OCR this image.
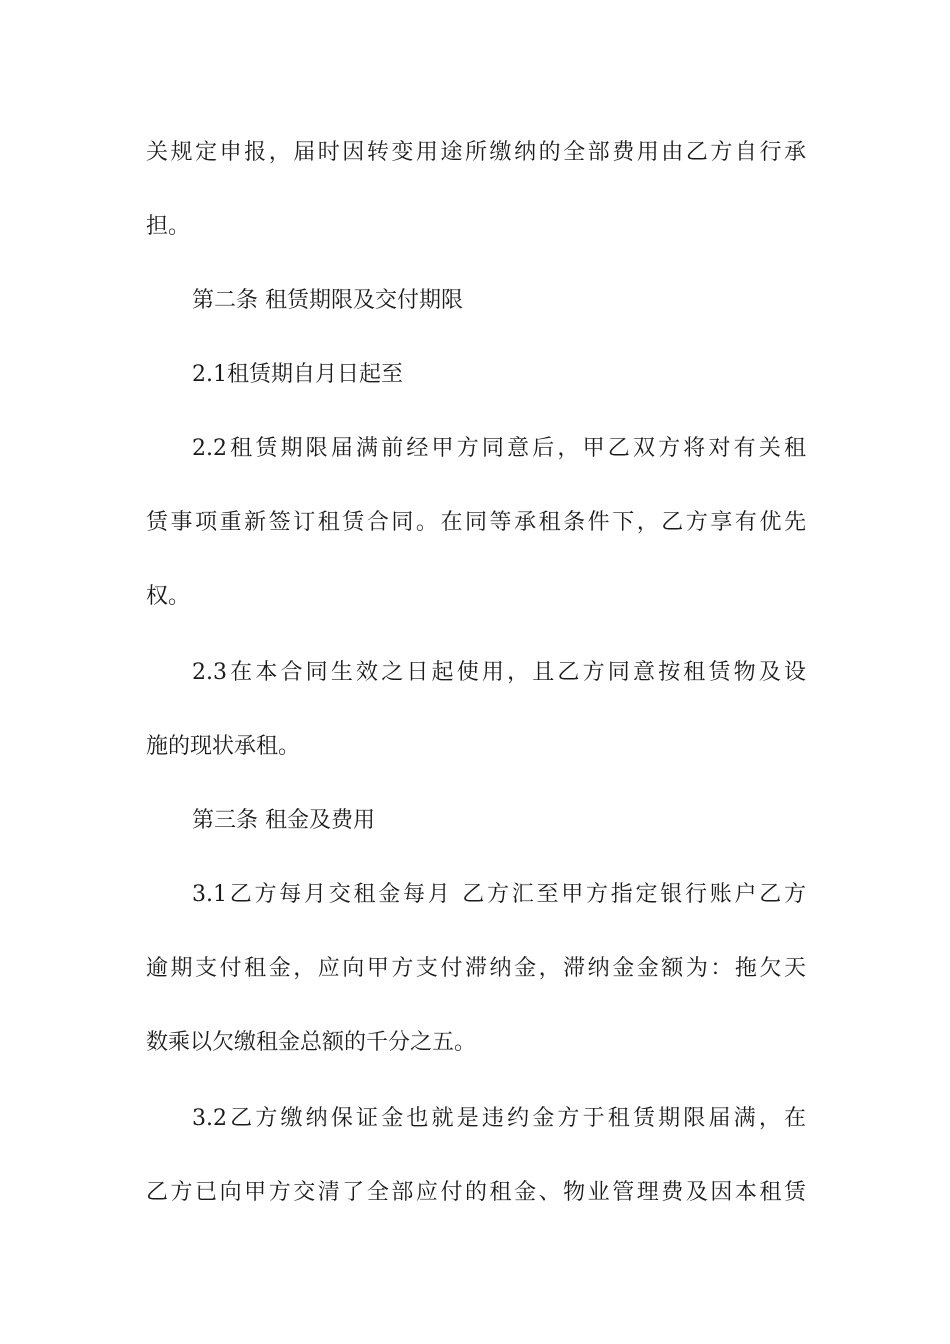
关规定申报，届时因转变用途所缴纳的全部费用由乙方自行承
担。
第二条 租赁期限及交付期限
2.1租赁期自月日起至
2.2租赁期限届满前经甲方同意后，甲乙双方将对有关租
赁事项重新签订租赁合同。在同等承租条件下，乙方享有优先
权。
2.3在本合同生效之日起使用，且乙方同意按租赁物及设
施的现状承租。
第三条 租金及费用
3.1乙方每月交租金每月 乙方汇至甲方指定银行账户乙方
逾期支付租金，应向甲方支付滞纳金，滞纳金金额为：拖欠天
数乘以欠缴租金总额的千分之五。
3.2乙方缴纳保证金也就是违约金方于租赁期限届满，在
乙方已向甲方交清了全部应付的租金、物业管理费及因本租赁
